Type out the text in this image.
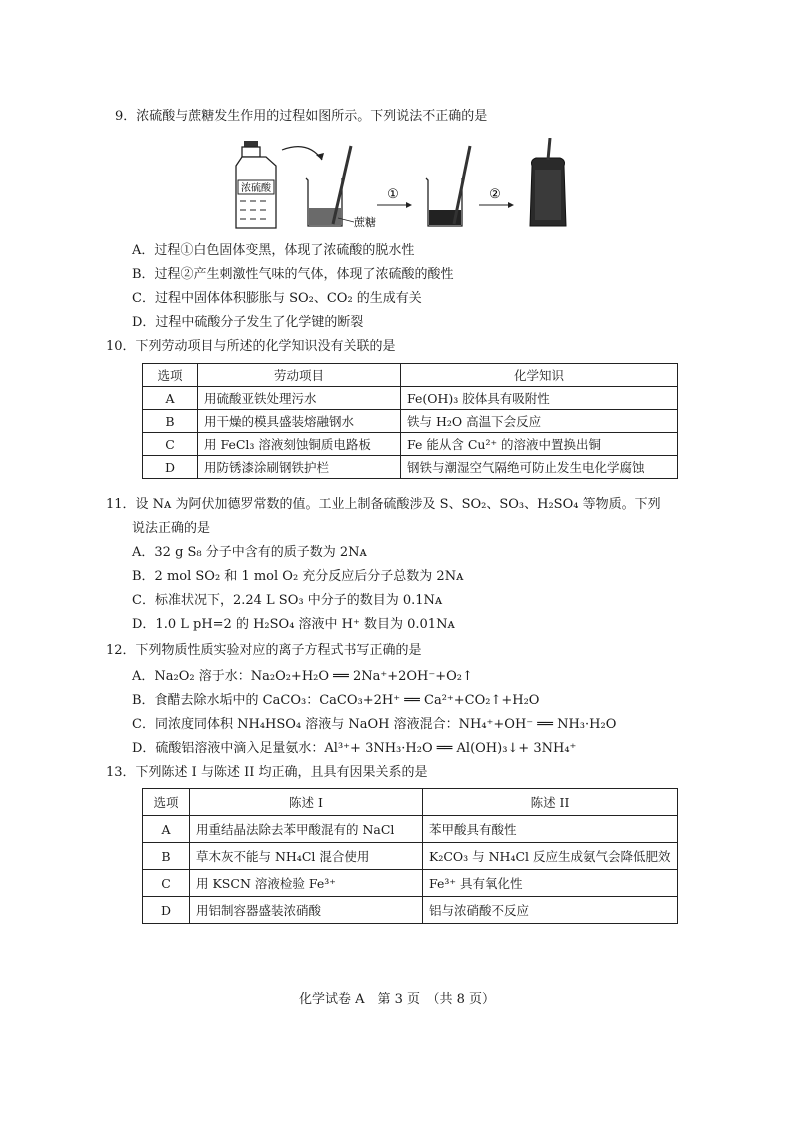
9．浓硫酸与蔗糖发生作用的过程如图所示。下列说法不正确的是
浓硫酸
蔗糖
①	②
A．过程①白色固体变黑，体现了浓硫酸的脱水性
B．过程②产生刺激性气味的气体，体现了浓硫酸的酸性
C．过程中固体体积膨胀与 SO₂、CO₂ 的生成有关
D．过程中硫酸分子发生了化学键的断裂
10．下列劳动项目与所述的化学知识没有关联的是
选项	劳动项目	化学知识
A	用硫酸亚铁处理污水	Fe(OH)₃ 胶体具有吸附性
B	用干燥的模具盛装熔融钢水	铁与 H₂O 高温下会反应
C	用 FeCl₃ 溶液刻蚀铜质电路板	Fe 能从含 Cu²⁺ 的溶液中置换出铜
D	用防锈漆涂刷钢铁护栏	钢铁与潮湿空气隔绝可防止发生电化学腐蚀
11．设 Nᴀ 为阿伏加德罗常数的值。工业上制备硫酸涉及 S、SO₂、SO₃、H₂SO₄ 等物质。下列
说法正确的是
A．32 g S₈ 分子中含有的质子数为 2Nᴀ
B．2 mol SO₂ 和 1 mol O₂ 充分反应后分子总数为 2Nᴀ
C．标准状况下，2.24 L SO₃ 中分子的数目为 0.1Nᴀ
D．1.0 L pH=2 的 H₂SO₄ 溶液中 H⁺ 数目为 0.01Nᴀ
12．下列物质性质实验对应的离子方程式书写正确的是
A．Na₂O₂ 溶于水：Na₂O₂+H₂O ══ 2Na⁺+2OH⁻+O₂↑
B．食醋去除水垢中的 CaCO₃：CaCO₃+2H⁺ ══ Ca²⁺+CO₂↑+H₂O
C．同浓度同体积 NH₄HSO₄ 溶液与 NaOH 溶液混合：NH₄⁺+OH⁻ ══ NH₃·H₂O
D．硫酸铝溶液中滴入足量氨水：Al³⁺+ 3NH₃·H₂O ══ Al(OH)₃↓+ 3NH₄⁺
13．下列陈述 I 与陈述 II 均正确，且具有因果关系的是
选项	陈述 I	陈述 II
A	用重结晶法除去苯甲酸混有的 NaCl	苯甲酸具有酸性
B	草木灰不能与 NH₄Cl 混合使用	K₂CO₃ 与 NH₄Cl 反应生成氨气会降低肥效
C	用 KSCN 溶液检验 Fe³⁺	Fe³⁺ 具有氧化性
D	用铝制容器盛装浓硝酸	铝与浓硝酸不反应
化学试卷 A　第 3 页　（共 8 页）
